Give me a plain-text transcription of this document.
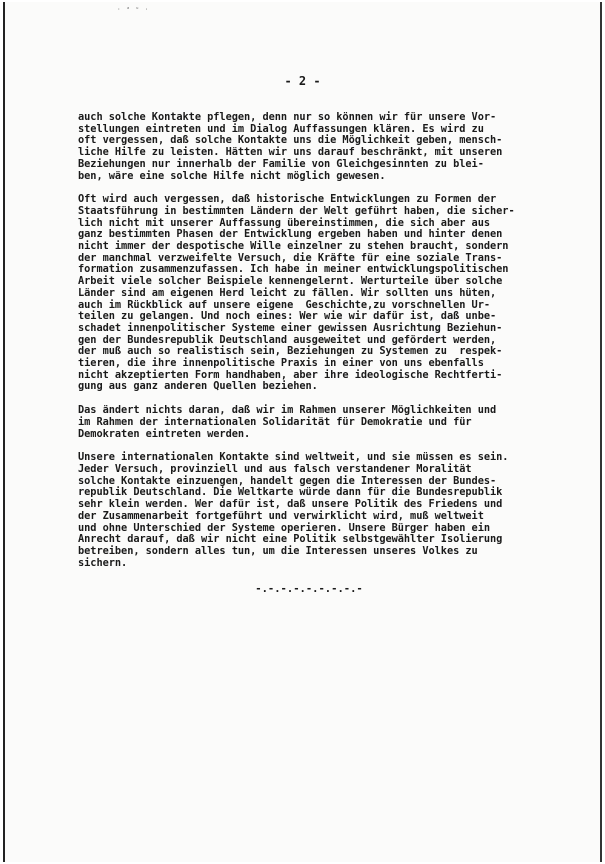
· ᵃ ᵘ ·
- 2 -
auch solche Kontakte pflegen, denn nur so können wir für unsere Vor-
stellungen eintreten und im Dialog Auffassungen klären. Es wird zu
oft vergessen, daß solche Kontakte uns die Möglichkeit geben, mensch-
liche Hilfe zu leisten. Hätten wir uns darauf beschränkt, mit unseren
Beziehungen nur innerhalb der Familie von Gleichgesinnten zu blei-
ben, wäre eine solche Hilfe nicht möglich gewesen.
Oft wird auch vergessen, daß historische Entwicklungen zu Formen der
Staatsführung in bestimmten Ländern der Welt geführt haben, die sicher-
lich nicht mit unserer Auffassung übereinstimmen, die sich aber aus
ganz bestimmten Phasen der Entwicklung ergeben haben und hinter denen
nicht immer der despotische Wille einzelner zu stehen braucht, sondern
der manchmal verzweifelte Versuch, die Kräfte für eine soziale Trans-
formation zusammenzufassen. Ich habe in meiner entwicklungspolitischen
Arbeit viele solcher Beispiele kennengelernt. Werturteile über solche
Länder sind am eigenen Herd leicht zu fällen. Wir sollten uns hüten,
auch im Rückblick auf unsere eigene  Geschichte,zu vorschnellen Ur-
teilen zu gelangen. Und noch eines: Wer wie wir dafür ist, daß unbe-
schadet innenpolitischer Systeme einer gewissen Ausrichtung Beziehun-
gen der Bundesrepublik Deutschland ausgeweitet und gefördert werden,
der muß auch so realistisch sein, Beziehungen zu Systemen zu  respek-
tieren, die ihre innenpolitische Praxis in einer von uns ebenfalls
nicht akzeptierten Form handhaben, aber ihre ideologische Rechtferti-
gung aus ganz anderen Quellen beziehen.
Das ändert nichts daran, daß wir im Rahmen unserer Möglichkeiten und
im Rahmen der internationalen Solidarität für Demokratie und für
Demokraten eintreten werden.
Unsere internationalen Kontakte sind weltweit, und sie müssen es sein.
Jeder Versuch, provinziell und aus falsch verstandener Moralität
solche Kontakte einzuengen, handelt gegen die Interessen der Bundes-
republik Deutschland. Die Weltkarte würde dann für die Bundesrepublik
sehr klein werden. Wer dafür ist, daß unsere Politik des Friedens und
der Zusammenarbeit fortgeführt und verwirklicht wird, muß weltweit
und ohne Unterschied der Systeme operieren. Unsere Bürger haben ein
Anrecht darauf, daß wir nicht eine Politik selbstgewählter Isolierung
betreiben, sondern alles tun, um die Interessen unseres Volkes zu
sichern.
-.-.-.-.-.-.-.-.-
